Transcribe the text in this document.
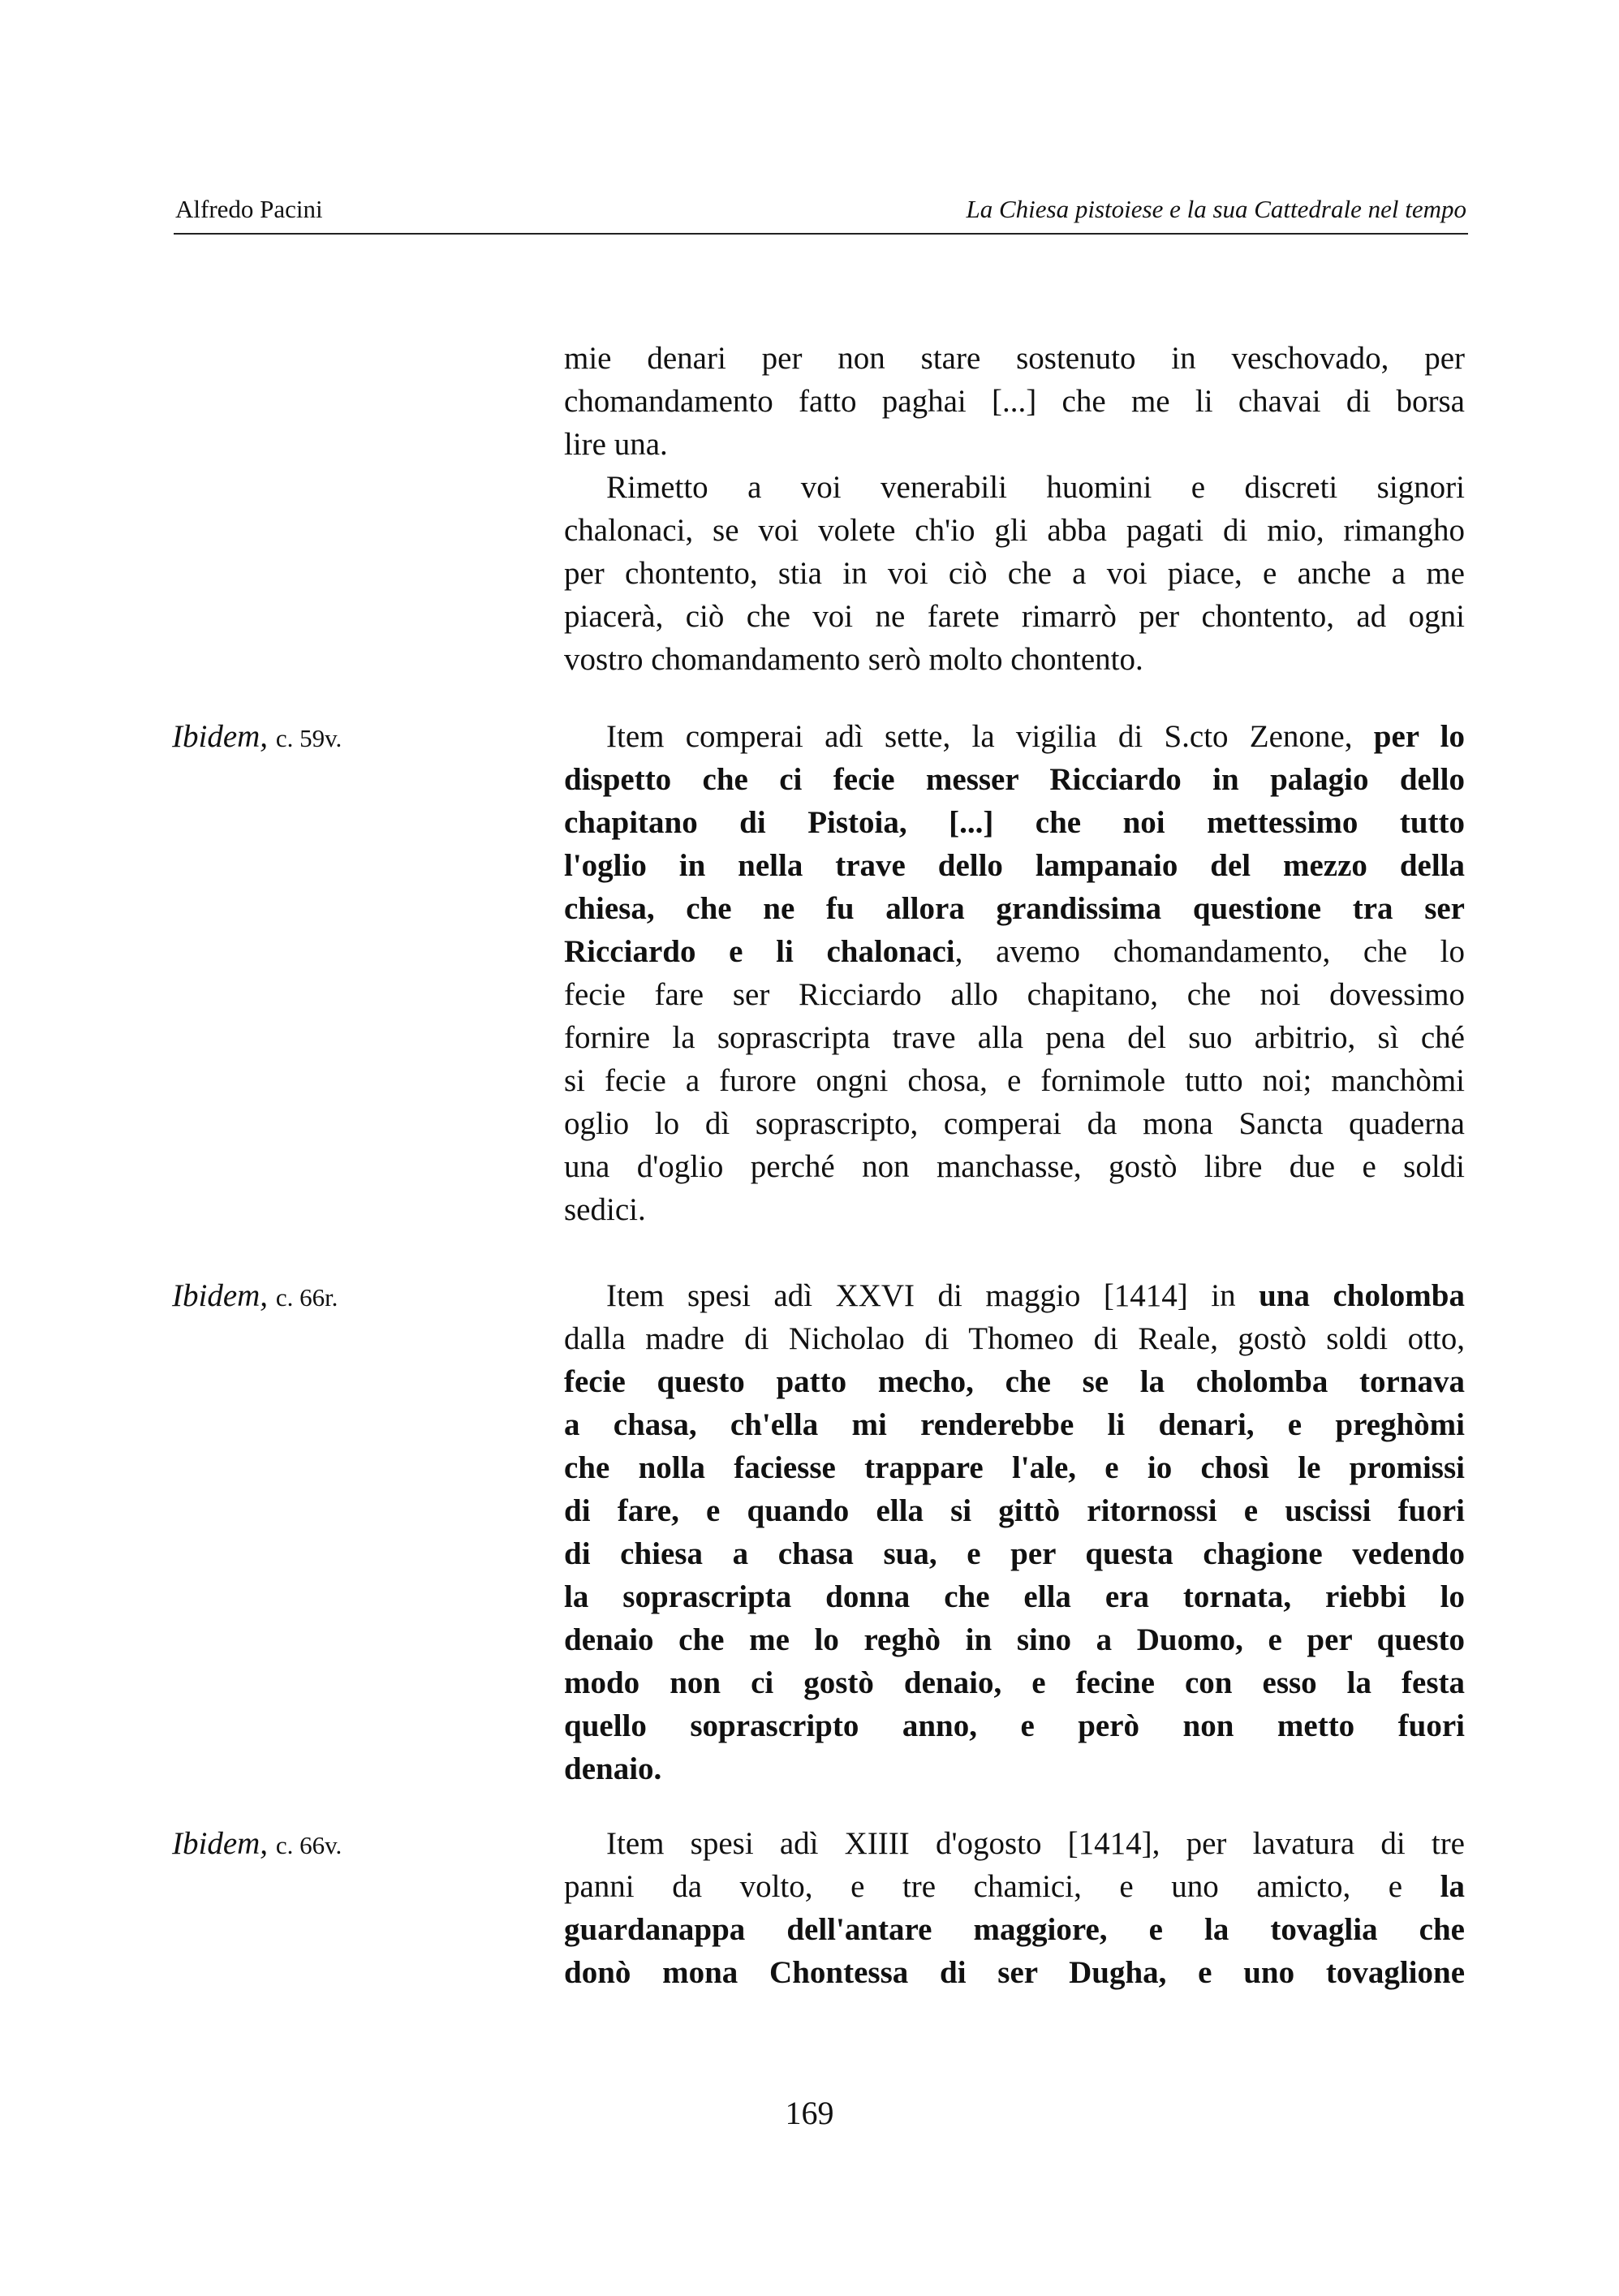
Alfredo Pacini	La Chiesa pistoiese e la sua Cattedrale nel tempo
mie denari per non stare sostenuto in veschovado, per
chomandamento fatto paghai [...] che me li chavai di borsa
lire una.
Rimetto a voi venerabili huomini e discreti signori
chalonaci, se voi volete ch'io gli abba pagati di mio, rimangho
per chontento, stia in voi ciò che a voi piace, e anche a me
piacerà, ciò che voi ne farete rimarrò per chontento, ad ogni
vostro chomandamento serò molto chontento.
Ibidem, c. 59v.	Item comperai adì sette, la vigilia di S.cto Zenone, per lo
dispetto che ci fecie messer Ricciardo in palagio dello
chapitano di Pistoia, [...] che noi mettessimo tutto
l'oglio in nella trave dello lampanaio del mezzo della
chiesa, che ne fu allora grandissima questione tra ser
Ricciardo e li chalonaci, avemo chomandamento, che lo
fecie fare ser Ricciardo allo chapitano, che noi dovessimo
fornire la soprascripta trave alla pena del suo arbitrio, sì ché
si fecie a furore ongni chosa, e fornimole tutto noi; manchòmi
oglio lo dì soprascripto, comperai da mona Sancta quaderna
una d'oglio perché non manchasse, gostò libre due e soldi
sedici.
Ibidem, c. 66r.	Item spesi adì XXVI di maggio [1414] in una cholomba
dalla madre di Nicholao di Thomeo di Reale, gostò soldi otto,
fecie questo patto mecho, che se la cholomba tornava
a chasa, ch'ella mi renderebbe li denari, e preghòmi
che nolla faciesse trappare l'ale, e io chosì le promissi
di fare, e quando ella si gittò ritornossi e uscissi fuori
di chiesa a chasa sua, e per questa chagione vedendo
la soprascripta donna che ella era tornata, riebbi lo
denaio che me lo reghò in sino a Duomo, e per questo
modo non ci gostò denaio, e fecine con esso la festa
quello soprascripto anno, e però non metto fuori
denaio.
Ibidem, c. 66v.	Item spesi adì XIIII d'ogosto [1414], per lavatura di tre
panni da volto, e tre chamici, e uno amicto, e la
guardanappa dell'antare maggiore, e la tovaglia che
donò mona Chontessa di ser Dugha, e uno tovaglione
169
